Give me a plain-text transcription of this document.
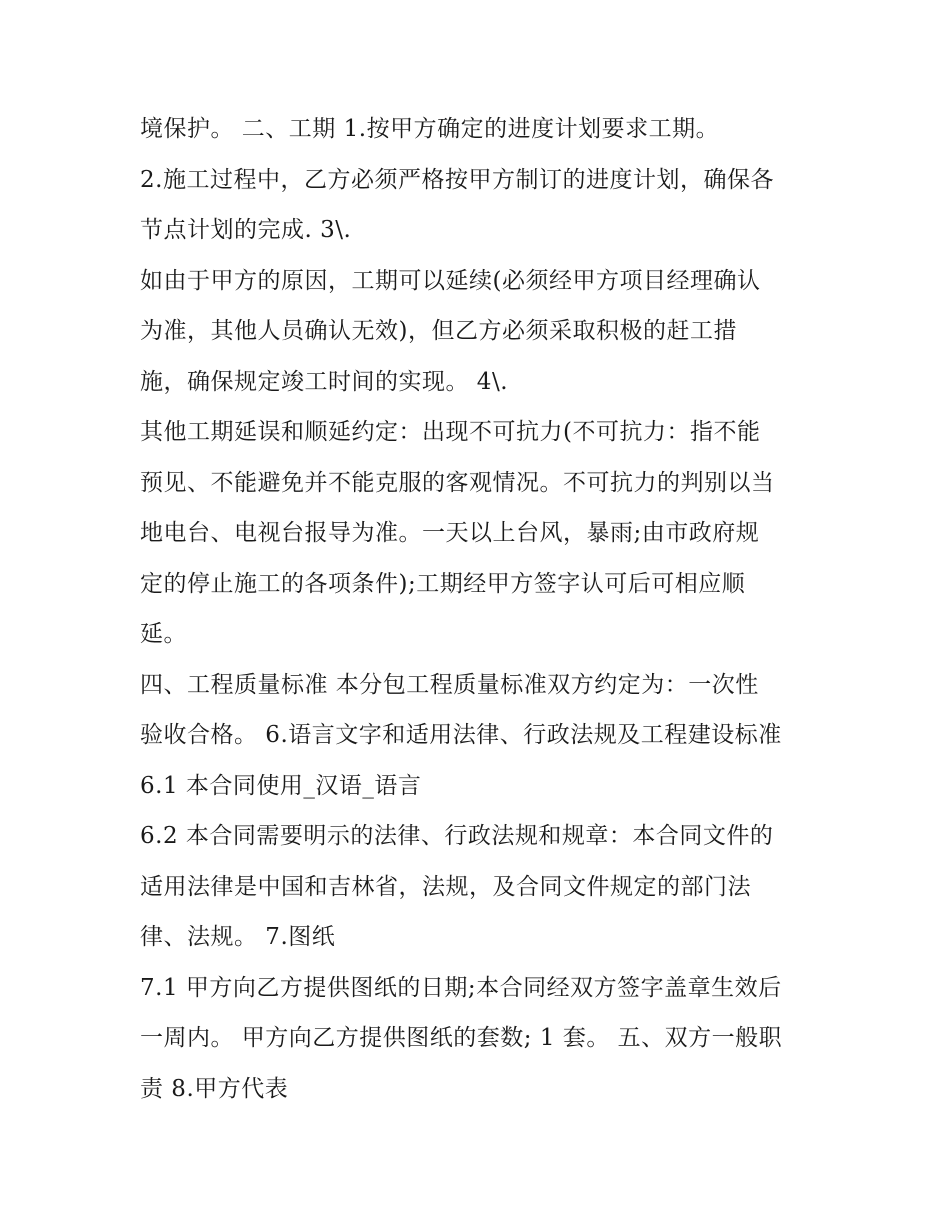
境保护。 二、工期 1.按甲方确定的进度计划要求工期。
2.施工过程中，乙方必须严格按甲方制订的进度计划，确保各
节点计划的完成. 3\.
如由于甲方的原因，工期可以延续(必须经甲方项目经理确认
为准，其他人员确认无效)，但乙方必须采取积极的赶工措
施，确保规定竣工时间的实现。 4\.
其他工期延误和顺延约定：出现不可抗力(不可抗力：指不能
预见、不能避免并不能克服的客观情况。不可抗力的判别以当
地电台、电视台报导为准。一天以上台风，暴雨;由市政府规
定的停止施工的各项条件);工期经甲方签字认可后可相应顺
延。
四、工程质量标准 本分包工程质量标准双方约定为：一次性
验收合格。 6.语言文字和适用法律、行政法规及工程建设标准
6.1 本合同使用_汉语_语言
6.2 本合同需要明示的法律、行政法规和规章：本合同文件的
适用法律是中国和吉林省，法规，及合同文件规定的部门法
律、法规。 7.图纸
7.1 甲方向乙方提供图纸的日期;本合同经双方签字盖章生效后
一周内。 甲方向乙方提供图纸的套数; 1 套。 五、双方一般职
责 8.甲方代表
